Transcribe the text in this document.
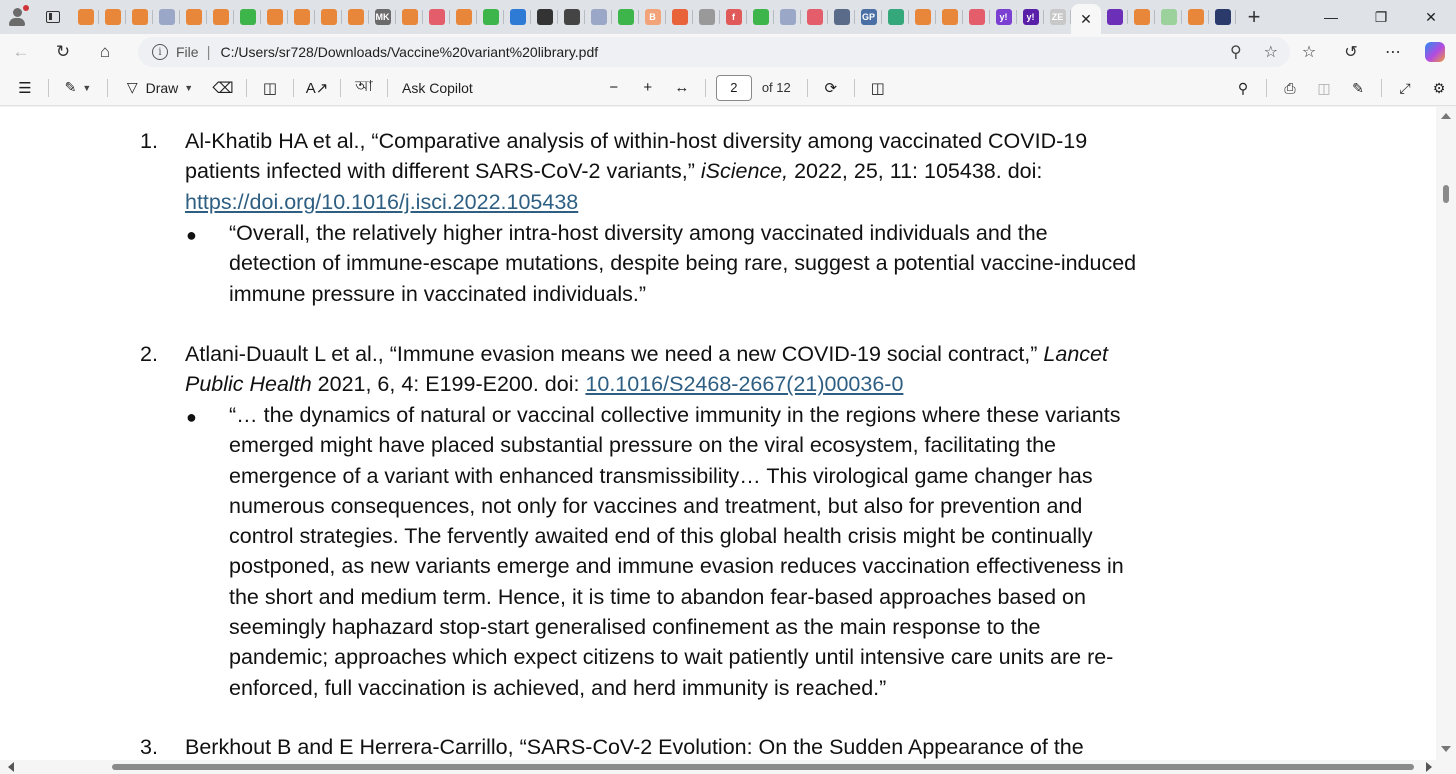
MK	B	f	GP	y!	y!	ZE ✕	+	—	❐	✕
←	↻	⌂	i	File | C:/Users/sr728/Downloads/Vaccine%20variant%20library.pdf	⚲ ☆	☆	↺	⋯
☰	✎ ▼	▽ Draw ▼	⌫	◫	A↗	আ	Ask Copilot	−	+	↔	2	of 12	⟳	◫	⚲	⎙	◫	✎	⤢	⚙
1. Al-Khatib HA et al., “Comparative analysis of within-host diversity among vaccinated COVID-19
patients infected with different SARS-CoV-2 variants,” iScience, 2022, 25, 11: 105438. doi:
https://doi.org/10.1016/j.isci.2022.105438
● “Overall, the relatively higher intra-host diversity among vaccinated individuals and the
detection of immune-escape mutations, despite being rare, suggest a potential vaccine-induced
immune pressure in vaccinated individuals.”
2. Atlani-Duault L et al., “Immune evasion means we need a new COVID-19 social contract,” Lancet
Public Health 2021, 6, 4: E199-E200. doi: 10.1016/S2468-2667(21)00036-0
● “… the dynamics of natural or vaccinal collective immunity in the regions where these variants
emerged might have placed substantial pressure on the viral ecosystem, facilitating the
emergence of a variant with enhanced transmissibility… This virological game changer has
numerous consequences, not only for vaccines and treatment, but also for prevention and
control strategies. The fervently awaited end of this global health crisis might be continually
postponed, as new variants emerge and immune evasion reduces vaccination effectiveness in
the short and medium term. Hence, it is time to abandon fear-based approaches based on
seemingly haphazard stop-start generalised confinement as the main response to the
pandemic; approaches which expect citizens to wait patiently until intensive care units are re-
enforced, full vaccination is achieved, and herd immunity is reached.”
3. Berkhout B and E Herrera-Carrillo, “SARS-CoV-2 Evolution: On the Sudden Appearance of the
